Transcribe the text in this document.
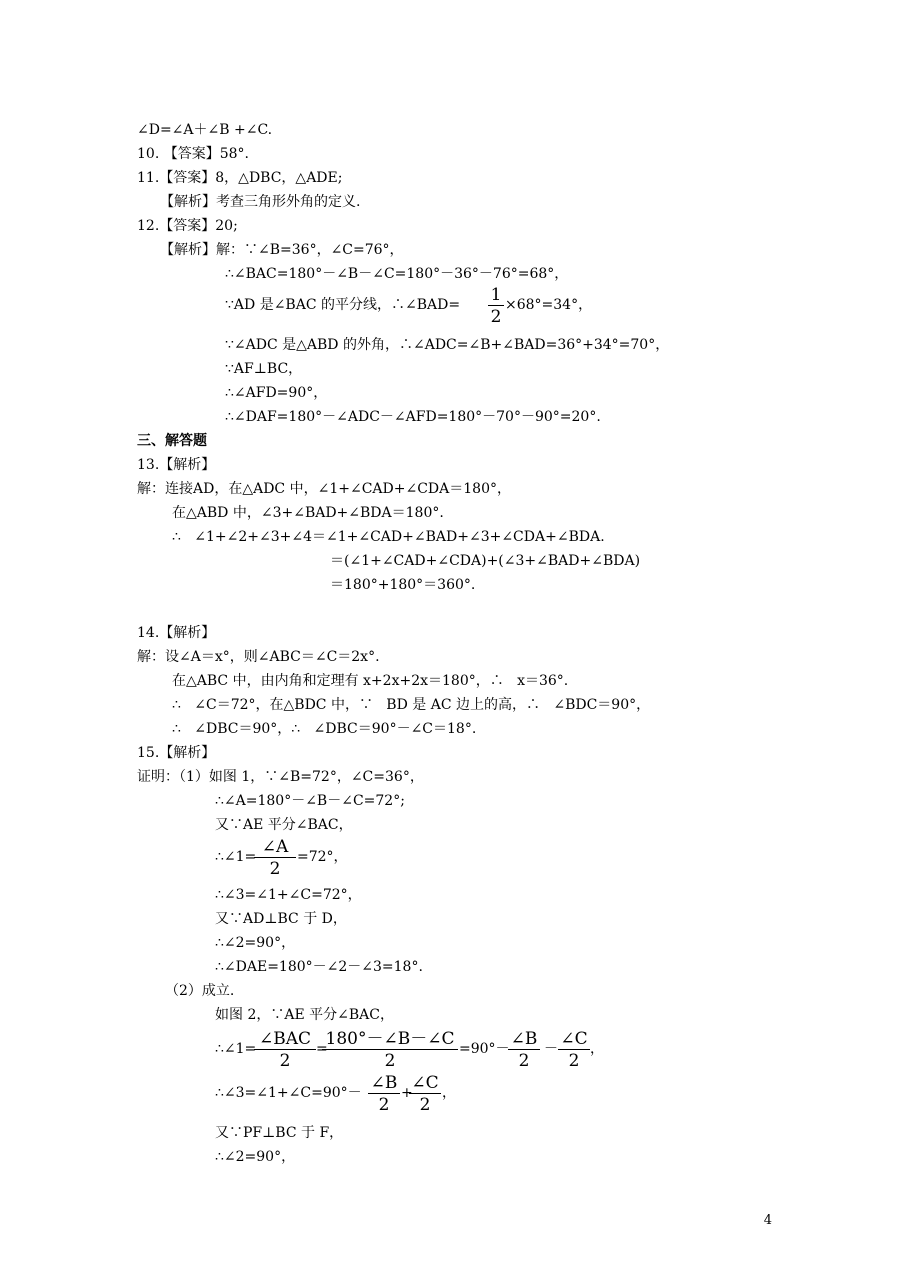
∠D=∠A＋∠B +∠C.
10. 【答案】58°.
11.【答案】8，△DBC，△ADE;
【解析】考查三角形外角的定义.
12.【答案】20;
【解析】解：∵∠B=36°，∠C=76°，
∴∠BAC=180°－∠B－∠C=180°－36°－76°=68°，
∵AD 是∠BAC 的平分线，∴∠BAD= 1
2
×68°=34°，
∵∠ADC 是△ABD 的外角，∴∠ADC=∠B+∠BAD=36°+34°=70°，
∵AF⊥BC，
∴∠AFD=90°，
∴∠DAF=180°－∠ADC－∠AFD=180°－70°－90°=20°.
三、解答题
13.【解析】
解：连接AD，在△ADC 中，∠1+∠CAD+∠CDA＝180°，
在△ABD 中，∠3+∠BAD+∠BDA＝180°.
∴   ∠1+∠2+∠3+∠4＝∠1+∠CAD+∠BAD+∠3+∠CDA+∠BDA.
＝(∠1+∠CAD+∠CDA)+(∠3+∠BAD+∠BDA)
＝180°+180°＝360°.
14.【解析】
解：设∠A＝x°，则∠ABC＝∠C＝2x°.
在△ABC 中，由内角和定理有 x+2x+2x＝180°，∴   x＝36°.
∴   ∠C＝72°，在△BDC 中，∵   BD 是 AC 边上的高，∴   ∠BDC＝90°，
∴   ∠DBC＝90°，∴   ∠DBC＝90°－∠C＝18°.
15.【解析】
证明：（1）如图 1，∵∠B=72°，∠C=36°，
∴∠A=180°－∠B－∠C=72°;
又∵AE 平分∠BAC，
∴∠1= ∠A
2
=72°，
∴∠3=∠1+∠C=72°，
又∵AD⊥BC 于 D，
∴∠2=90°，
∴∠DAE=180°－∠2－∠3=18°.
（2）成立.
如图 2，∵AE 平分∠BAC，
∴∠1= ∠BAC
2
=
180°－∠B－∠C
2
=90°－ ∠B
2
－ ∠C
2
，
∴∠3=∠1+∠C=90°－ ∠B
2
+
∠C
2
，
又∵PF⊥BC 于 F，
∴∠2=90°，
4
